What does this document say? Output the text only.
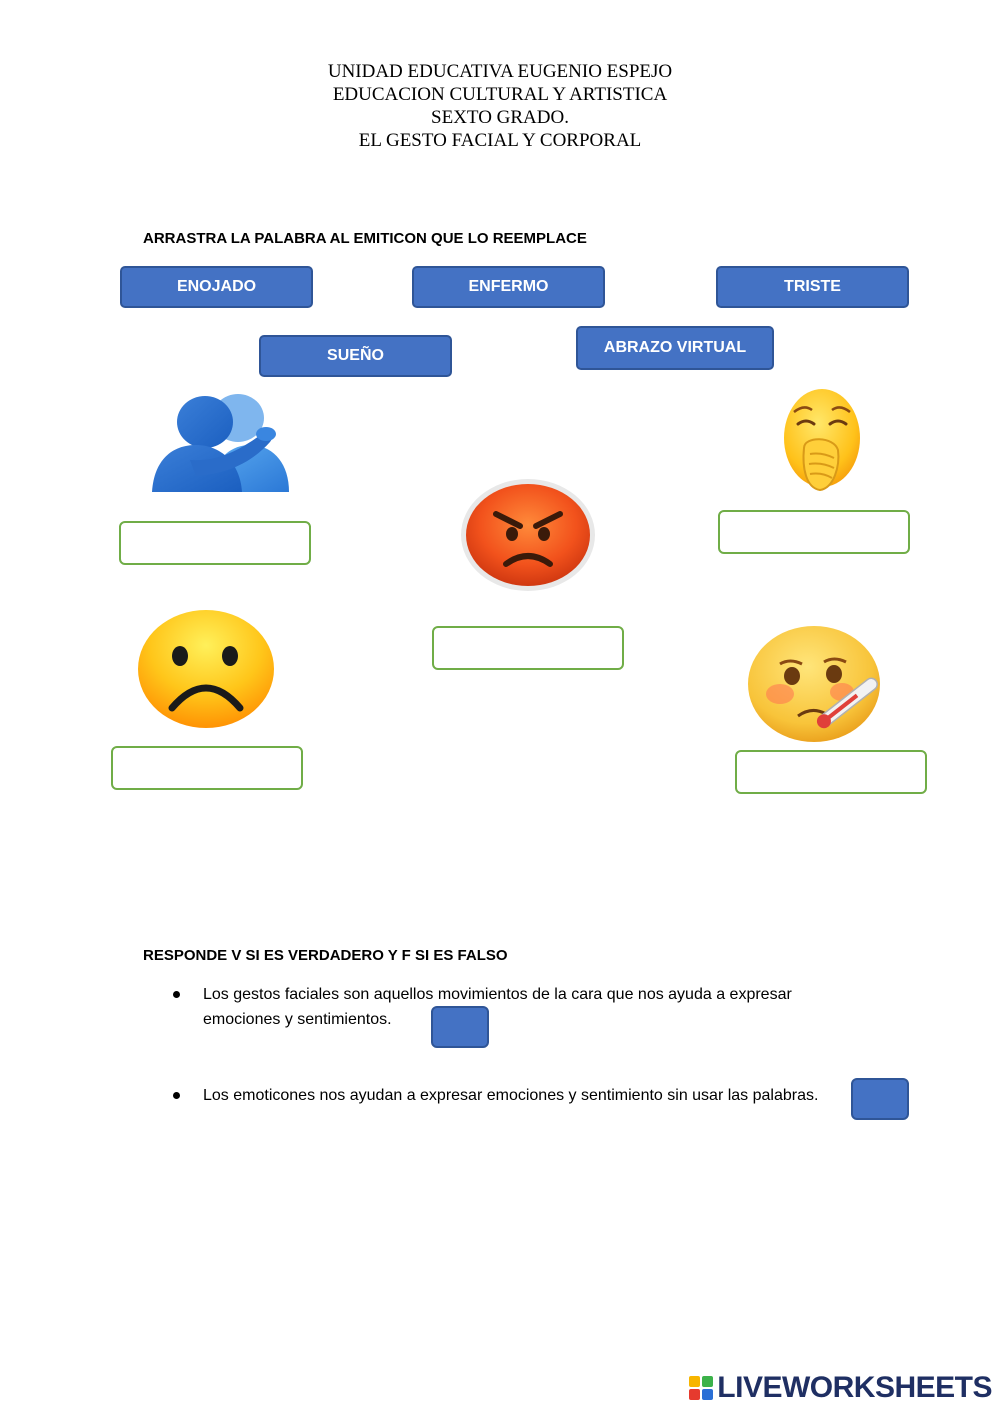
UNIDAD EDUCATIVA EUGENIO ESPEJO
EDUCACION CULTURAL Y ARTISTICA
SEXTO GRADO.
EL GESTO FACIAL Y CORPORAL
ARRASTRA LA PALABRA AL EMITICON QUE LO REEMPLACE
ENOJADO	ENFERMO	TRISTE
SUEÑO	ABRAZO VIRTUAL
RESPONDE V SI ES VERDADERO Y F SI ES FALSO
Los gestos faciales son aquellos movimientos de la cara que nos ayuda a expresar
emociones y sentimientos.
Los emoticones nos ayudan a expresar emociones y sentimiento sin usar las palabras.
LIVEWORKSHEETS
